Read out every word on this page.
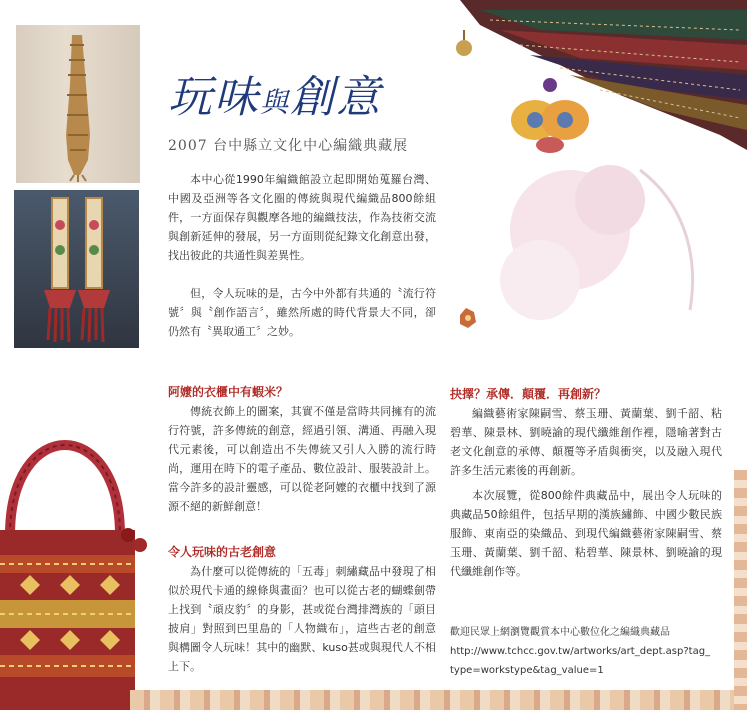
玩味與創意
2007 台中縣立文化中心編織典藏展

本中心從1990年編織館設立起即開始蒐羅台灣、中國及亞洲等各文化圈的傳統與現代編織品800餘組件，一方面保存與觀摩各地的編織技法，作為技術交流與創新延伸的發展，另一方面則從紀錄文化創意出發，找出彼此的共通性與差異性。

但，令人玩味的是，古今中外都有共通的〝流行符號〞與〝創作語言〞，雖然所處的時代背景大不同，卻仍然有〝異取通工〞之妙。

阿嬤的衣櫃中有蝦米？

傳統衣飾上的圖案，其實不僅是當時共同擁有的流行符號，許多傳統的創意，經過引領、溝通、再融入現代元素後，可以創造出不失傳統又引人入勝的流行時尚，運用在時下的電子產品、數位設計、服裝設計上。當今許多的設計靈感，可以從老阿嬤的衣櫃中找到了源源不絕的新鮮創意！

令人玩味的古老創意

為什麼可以從傳統的「五毒」刺繡藏品中發現了相似於現代卡通的線條與畫面？也可以從古老的蝴蝶劍帶上找到〝頑皮豹〞的身影，甚或從台灣排灣族的「頭目披肩」對照到巴里島的「人物織布」，這些古老的創意與構圖令人玩味！其中的幽默、kuso甚或與現代人不相上下。

抉擇？承傳．顛覆．再創新？

編織藝術家陳嗣雪、蔡玉珊、黃蘭葉、劉千韶、粘碧華、陳景林、劉曉諭的現代纖維創作裡，隱喻著對古老文化創意的承傳、顛覆等矛盾與衝突，以及融入現代許多生活元素後的再創新。

本次展覽，從800餘件典藏品中，展出令人玩味的典藏品50餘組件，包括早期的漢族繡飾、中國少數民族服飾、東南亞的染織品、到現代編織藝術家陳嗣雪、蔡玉珊、黃蘭葉、劉千韶、粘碧華、陳景林、劉曉諭的現代纖維創作等。

歡迎民眾上網瀏覽觀賞本中心數位化之編織典藏品
http://www.tchcc.gov.tw/artworks/art_dept.asp?tag_
type=workstype&tag_value=1
